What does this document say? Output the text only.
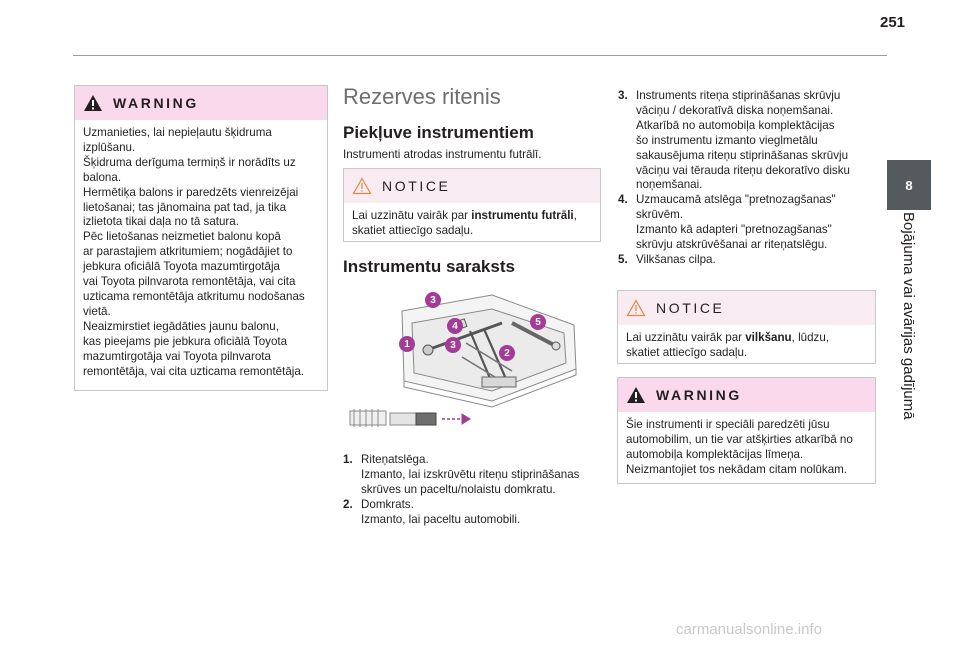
251
8
Bojājuma vai avārijas gadījumā
WARNING
Uzmanieties, lai nepieļautu šķidruma
izplūšanu.
Šķidruma derīguma termiņš ir norādīts uz
balona.
Hermētiķa balons ir paredzēts vienreizējai
lietošanai; tas jānomaina pat tad, ja tika
izlietota tikai daļa no tā satura.
Pēc lietošanas neizmetiet balonu kopā
ar parastajiem atkritumiem; nogādājiet to
jebkura oficiālā Toyota mazumtirgotāja
vai Toyota pilnvarota remontētāja, vai cita
uzticama remontētāja atkritumu nodošanas
vietā.
Neaizmirstiet iegādāties jaunu balonu,
kas pieejams pie jebkura oficiālā Toyota
mazumtirgotāja vai Toyota pilnvarota
remontētāja, vai cita uzticama remontētāja.
Rezerves ritenis
Piekļuve instrumentiem
Instrumenti atrodas instrumentu futrālī.
NOTICE
Lai uzzinātu vairāk par instrumentu futrāli,
skatiet attiecīgo sadaļu.
Instrumentu saraksts
1
2
3
3
4	5
1. Riteņatslēga.
Izmanto, lai izskrūvētu riteņu stiprināšanas
skrūves un paceltu/nolaistu domkratu.
2. Domkrats.
Izmanto, lai paceltu automobili.
3. Instruments riteņa stiprināšanas skrūvju
vāciņu / dekoratīvā diska noņemšanai.
Atkarībā no automobiļa komplektācijas
šo instrumentu izmanto vieglmetālu
sakausējuma riteņu stiprināšanas skrūvju
vāciņu vai tērauda riteņu dekoratīvo disku
noņemšanai.
4. Uzmaucamā atslēga "pretnozagšanas"
skrūvēm.
Izmanto kā adapteri "pretnozagšanas"
skrūvju atskrūvēšanai ar riteņatslēgu.
5. Vilkšanas cilpa.
NOTICE
Lai uzzinātu vairāk par vilkšanu, lūdzu,
skatiet attiecīgo sadaļu.
WARNING
Šie instrumenti ir speciāli paredzēti jūsu
automobilim, un tie var atšķirties atkarībā no
automobiļa komplektācijas līmeņa.
Neizmantojiet tos nekādam citam nolūkam.
carmanualsonline.info
